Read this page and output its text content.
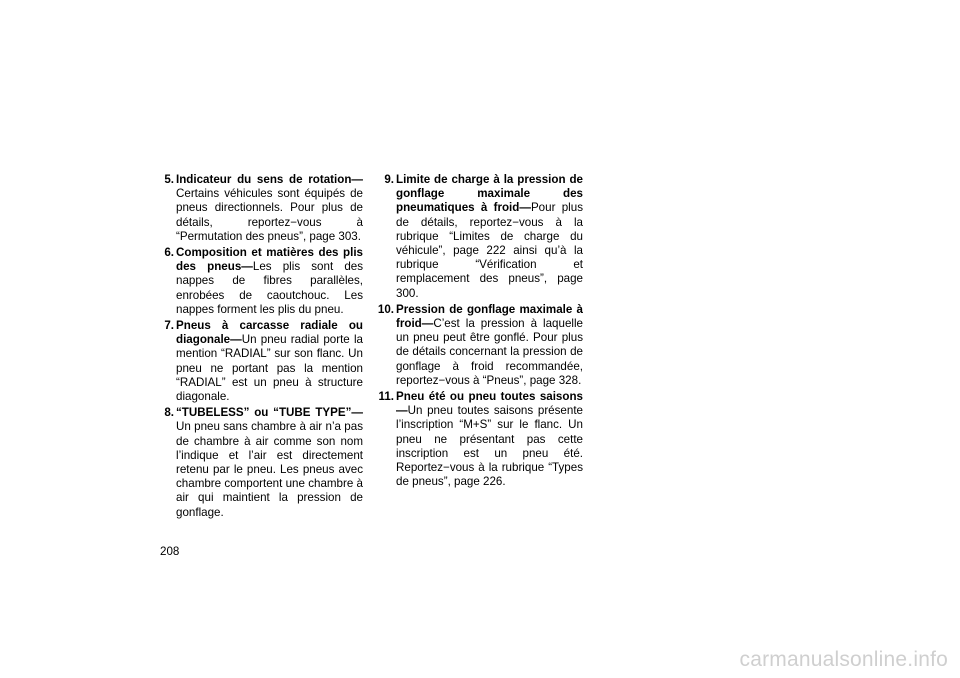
5. Indicateur du sens de rotation—Certains véhicules sont équipés de pneus directionnels. Pour plus de détails, reportez−vous à “Permutation des pneus”, page 303.
6. Composition et matières des plis des pneus—Les plis sont des nappes de fibres parallèles, enrobées de caoutchouc. Les nappes forment les plis du pneu.
7. Pneus à carcasse radiale ou diagonale—Un pneu radial porte la mention “RADIAL” sur son flanc. Un pneu ne portant pas la mention “RADIAL” est un pneu à structure diagonale.
8. “TUBELESS” ou “TUBE TYPE”—Un pneu sans chambre à air n’a pas de chambre à air comme son nom l’indique et l’air est directement retenu par le pneu. Les pneus avec chambre comportent une chambre à air qui maintient la pression de gonflage.
9. Limite de charge à la pression de gonflage maximale des pneumatiques à froid—Pour plus de détails, reportez−vous à la rubrique “Limites de charge du véhicule”, page 222 ainsi qu’à la rubrique “Vérification et remplacement des pneus”, page 300.
10. Pression de gonflage maximale à froid—C’est la pression à laquelle un pneu peut être gonflé. Pour plus de détails concernant la pression de gonflage à froid recommandée, reportez−vous à “Pneus”, page 328.
11. Pneu été ou pneu toutes saisons—Un pneu toutes saisons présente l’inscription “M+S” sur le flanc. Un pneu ne présentant pas cette inscription est un pneu été. Reportez−vous à la rubrique “Types de pneus”, page 226.
208
carmanualsonline.info
